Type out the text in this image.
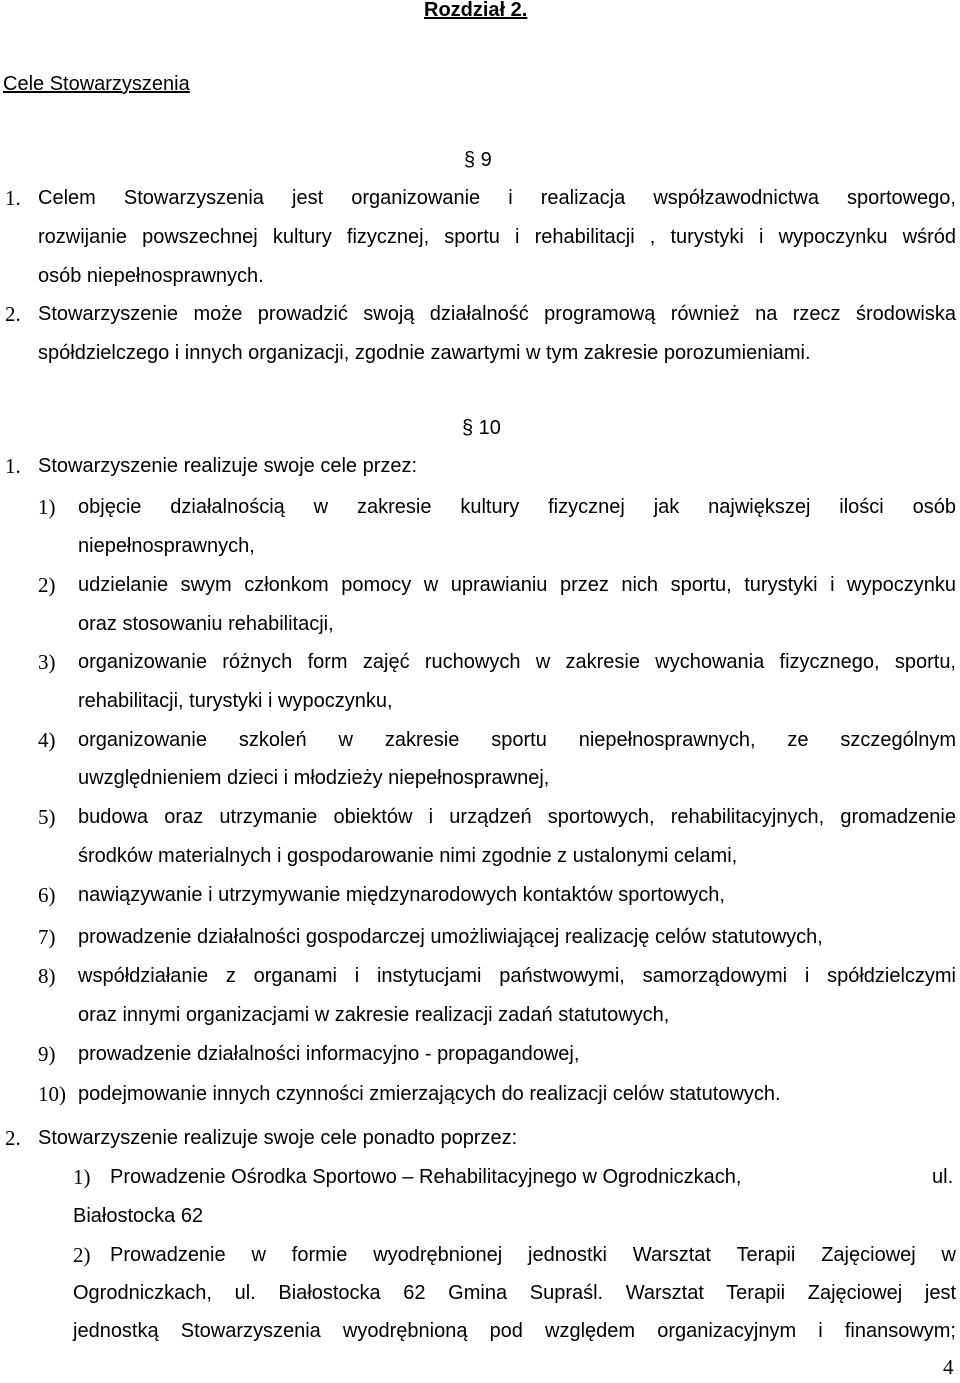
Rozdział 2.
Cele Stowarzyszenia
§ 9
1. Celem Stowarzyszenia jest organizowanie i realizacja współzawodnictwa sportowego,
rozwijanie powszechnej kultury fizycznej, sportu i rehabilitacji , turystyki i wypoczynku wśród
osób niepełnosprawnych.
2. Stowarzyszenie może prowadzić swoją działalność programową również na rzecz środowiska
spółdzielczego i innych organizacji, zgodnie zawartymi w tym zakresie porozumieniami.
§ 10
1. Stowarzyszenie realizuje swoje cele przez:
1) objęcie działalnością w zakresie kultury fizycznej jak największej ilości osób
niepełnosprawnych,
2) udzielanie swym członkom pomocy w uprawianiu przez nich sportu, turystyki i wypoczynku
oraz stosowaniu rehabilitacji,
3) organizowanie różnych form zajęć ruchowych w zakresie wychowania fizycznego, sportu,
rehabilitacji, turystyki i wypoczynku,
4) organizowanie szkoleń w zakresie sportu niepełnosprawnych, ze szczególnym
uwzględnieniem dzieci i młodzieży niepełnosprawnej,
5) budowa oraz utrzymanie obiektów i urządzeń sportowych, rehabilitacyjnych, gromadzenie
środków materialnych i gospodarowanie nimi zgodnie z ustalonymi celami,
6) nawiązywanie i utrzymywanie międzynarodowych kontaktów sportowych,
7) prowadzenie działalności gospodarczej umożliwiającej realizację celów statutowych,
8) współdziałanie z organami i instytucjami państwowymi, samorządowymi i spółdzielczymi
oraz innymi organizacjami w zakresie realizacji zadań statutowych,
9) prowadzenie działalności informacyjno - propagandowej,
10) podejmowanie innych czynności zmierzających do realizacji celów statutowych.
2. Stowarzyszenie realizuje swoje cele ponadto poprzez:
1) Prowadzenie Ośrodka Sportowo – Rehabilitacyjnego w Ogrodniczkach,	ul.
Białostocka 62
2) Prowadzenie w formie wyodrębnionej jednostki Warsztat Terapii Zajęciowej w
Ogrodniczkach, ul. Białostocka 62 Gmina Supraśl. Warsztat Terapii Zajęciowej jest
jednostką Stowarzyszenia wyodrębnioną pod względem organizacyjnym i finansowym;
4
